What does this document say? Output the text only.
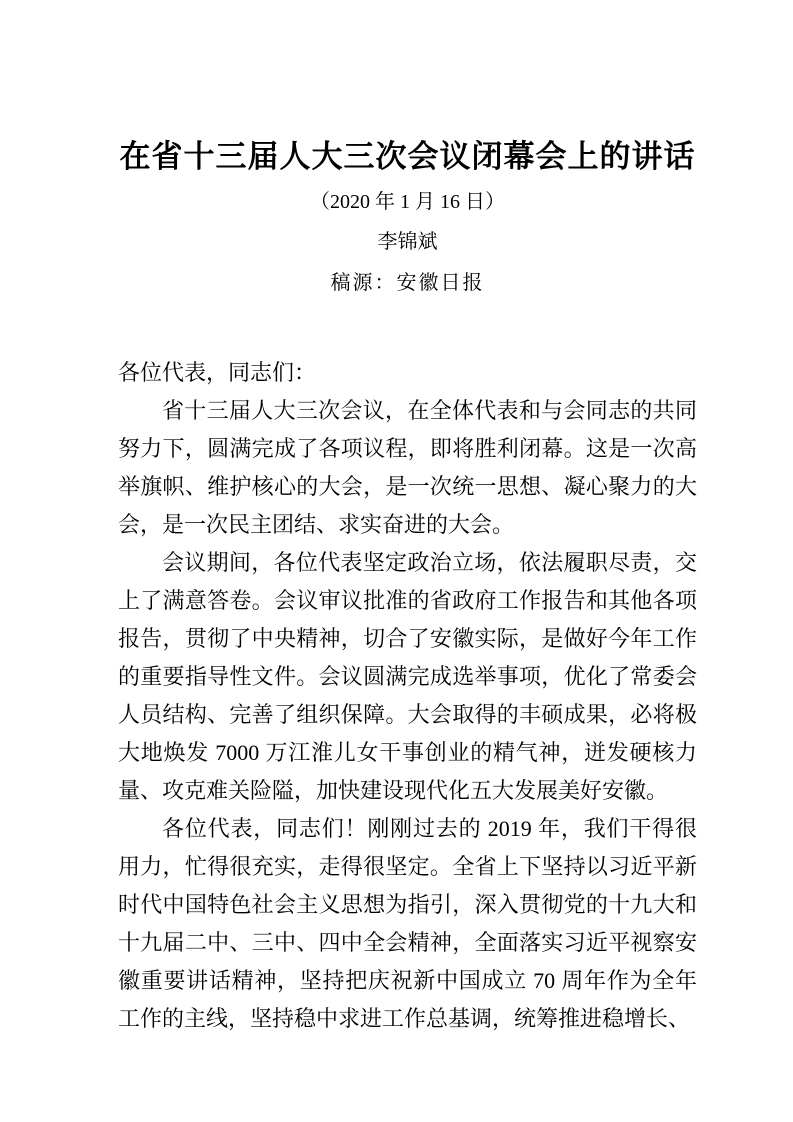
在省十三届人大三次会议闭幕会上的讲话
（2020 年 1 月 16 日）
李锦斌
稿源：安徽日报

各位代表，同志们：

省十三届人大三次会议，在全体代表和与会同志的共同努力下，圆满完成了各项议程，即将胜利闭幕。这是一次高举旗帜、维护核心的大会，是一次统一思想、凝心聚力的大会，是一次民主团结、求实奋进的大会。

会议期间，各位代表坚定政治立场，依法履职尽责，交上了满意答卷。会议审议批准的省政府工作报告和其他各项报告，贯彻了中央精神，切合了安徽实际，是做好今年工作的重要指导性文件。会议圆满完成选举事项，优化了常委会人员结构、完善了组织保障。大会取得的丰硕成果，必将极大地焕发 7000 万江淮儿女干事创业的精气神，迸发硬核力量、攻克难关险隘，加快建设现代化五大发展美好安徽。

各位代表，同志们！刚刚过去的 2019 年，我们干得很用力，忙得很充实，走得很坚定。全省上下坚持以习近平新时代中国特色社会主义思想为指引，深入贯彻党的十九大和十九届二中、三中、四中全会精神，全面落实习近平视察安徽重要讲话精神，坚持把庆祝新中国成立 70 周年作为全年工作的主线，坚持稳中求进工作总基调，统筹推进稳增长、
